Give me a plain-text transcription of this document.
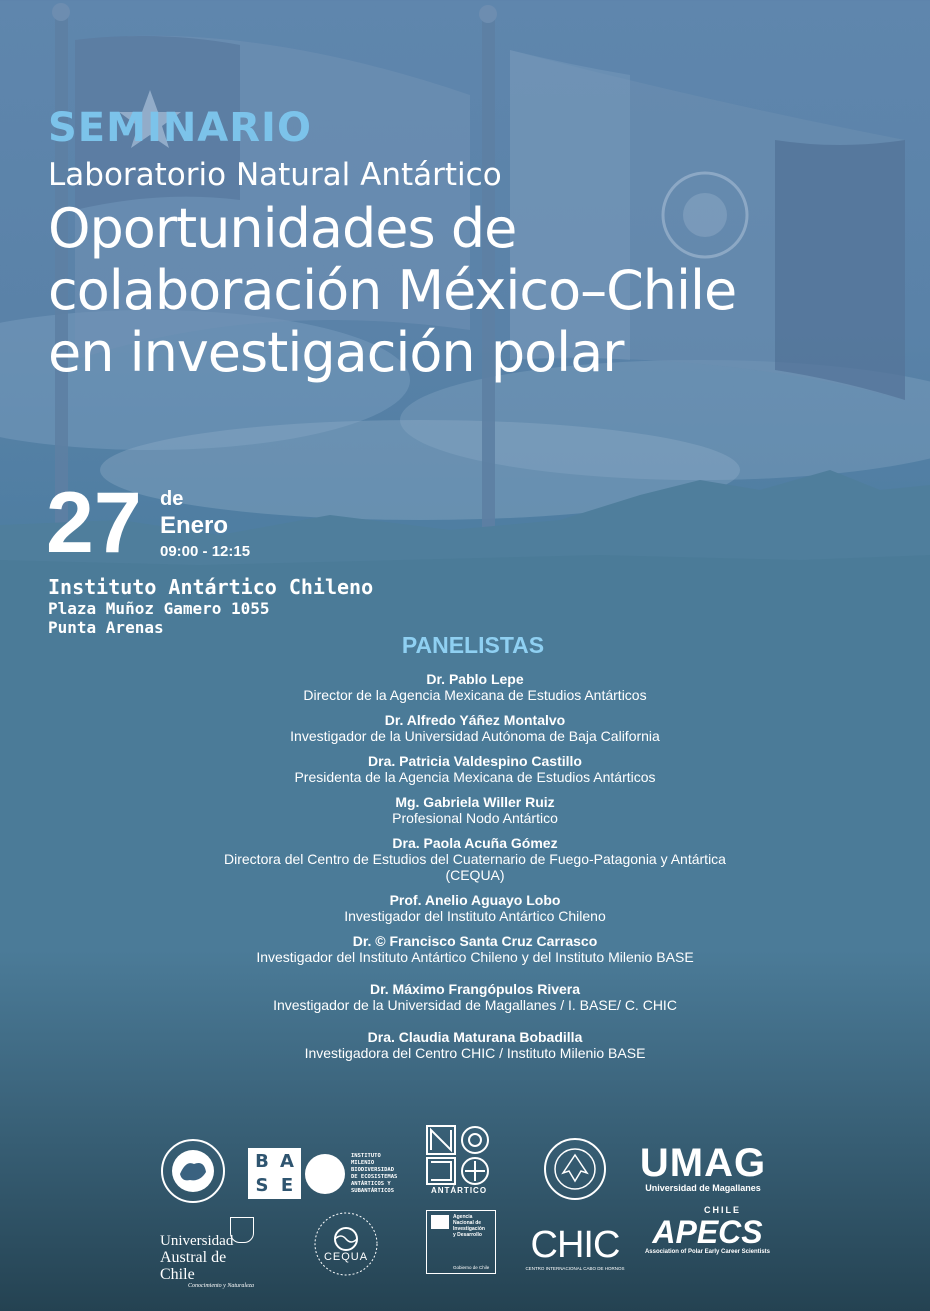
SEMINARIO
Laboratorio Natural Antártico
Oportunidades de
colaboración México–Chile
en investigación polar
27 de
Enero
09:00 - 12:15
Instituto Antártico Chileno
Plaza Muñoz Gamero 1055
Punta Arenas
PANELISTAS
Dr. Pablo Lepe
Director de la Agencia Mexicana de Estudios Antárticos
Dr. Alfredo Yáñez Montalvo
Investigador de la Universidad Autónoma de Baja California
Dra. Patricia Valdespino Castillo
Presidenta de la Agencia Mexicana de Estudios Antárticos
Mg. Gabriela Willer Ruiz
Profesional Nodo Antártico
Dra. Paola Acuña Gómez
Directora del Centro de Estudios del Cuaternario de Fuego-Patagonia y Antártica (CEQUA)
Prof. Anelio Aguayo Lobo
Investigador del Instituto Antártico Chileno
Dr. © Francisco Santa Cruz Carrasco
Investigador del Instituto Antártico Chileno y del Instituto Milenio BASE
Dr. Máximo Frangópulos Rivera
Investigador de la Universidad de Magallanes / I. BASE/ C. CHIC
Dra. Claudia Maturana Bobadilla
Investigadora del Centro CHIC / Instituto Milenio BASE
B A
S E
INSTITUTO
MILENIO
BIODIVERSIDAD
DE ECOSISTEMAS
ANTÁRTICOS Y
SUBANTÁRTICOS	ANTÁRTICO
UMAG
Universidad de Magallanes
Universidad
Austral de Chile
Conocimiento y Naturaleza
CEQUA
Agencia
Nacional de
Investigación
y Desarrollo
Gobierno de Chile
CHIC
CENTRO INTERNACIONAL CABO DE HORNOS
CHILE
APECS
Association of Polar Early Career Scientists
